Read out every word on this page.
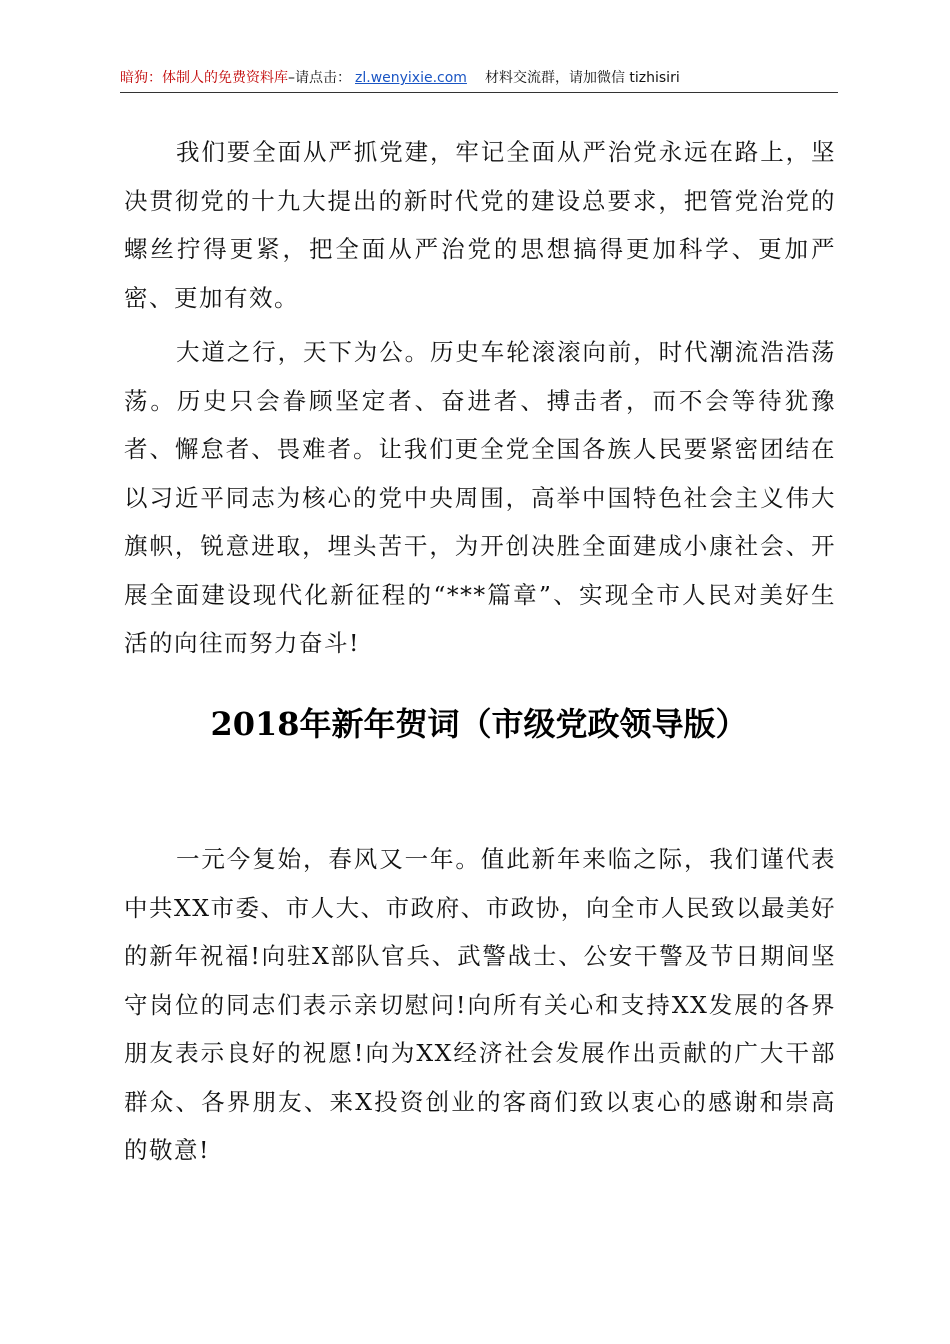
暗狗：体制人的免费资料库–请点击： zl.wenyixie.com 材料交流群，请加微信 tizhisiri

我们要全面从严抓党建，牢记全面从严治党永远在路上，坚决贯彻党的十九大提出的新时代党的建设总要求，把管党治党的螺丝拧得更紧，把全面从严治党的思想搞得更加科学、更加严密、更加有效。

大道之行，天下为公。历史车轮滚滚向前，时代潮流浩浩荡荡。历史只会眷顾坚定者、奋进者、搏击者，而不会等待犹豫者、懈怠者、畏难者。让我们更全党全国各族人民要紧密团结在以习近平同志为核心的党中央周围，高举中国特色社会主义伟大旗帜，锐意进取，埋头苦干，为开创决胜全面建成小康社会、开展全面建设现代化新征程的“***篇章”、实现全市人民对美好生活的向往而努力奋斗!

2018年新年贺词（市级党政领导版）

一元今复始，春风又一年。值此新年来临之际，我们谨代表中共XX市委、市人大、市政府、市政协，向全市人民致以最美好的新年祝福!向驻X部队官兵、武警战士、公安干警及节日期间坚守岗位的同志们表示亲切慰问!向所有关心和支持XX发展的各界朋友表示良好的祝愿!向为XX经济社会发展作出贡献的广大干部群众、各界朋友、来X投资创业的客商们致以衷心的感谢和崇高的敬意!
